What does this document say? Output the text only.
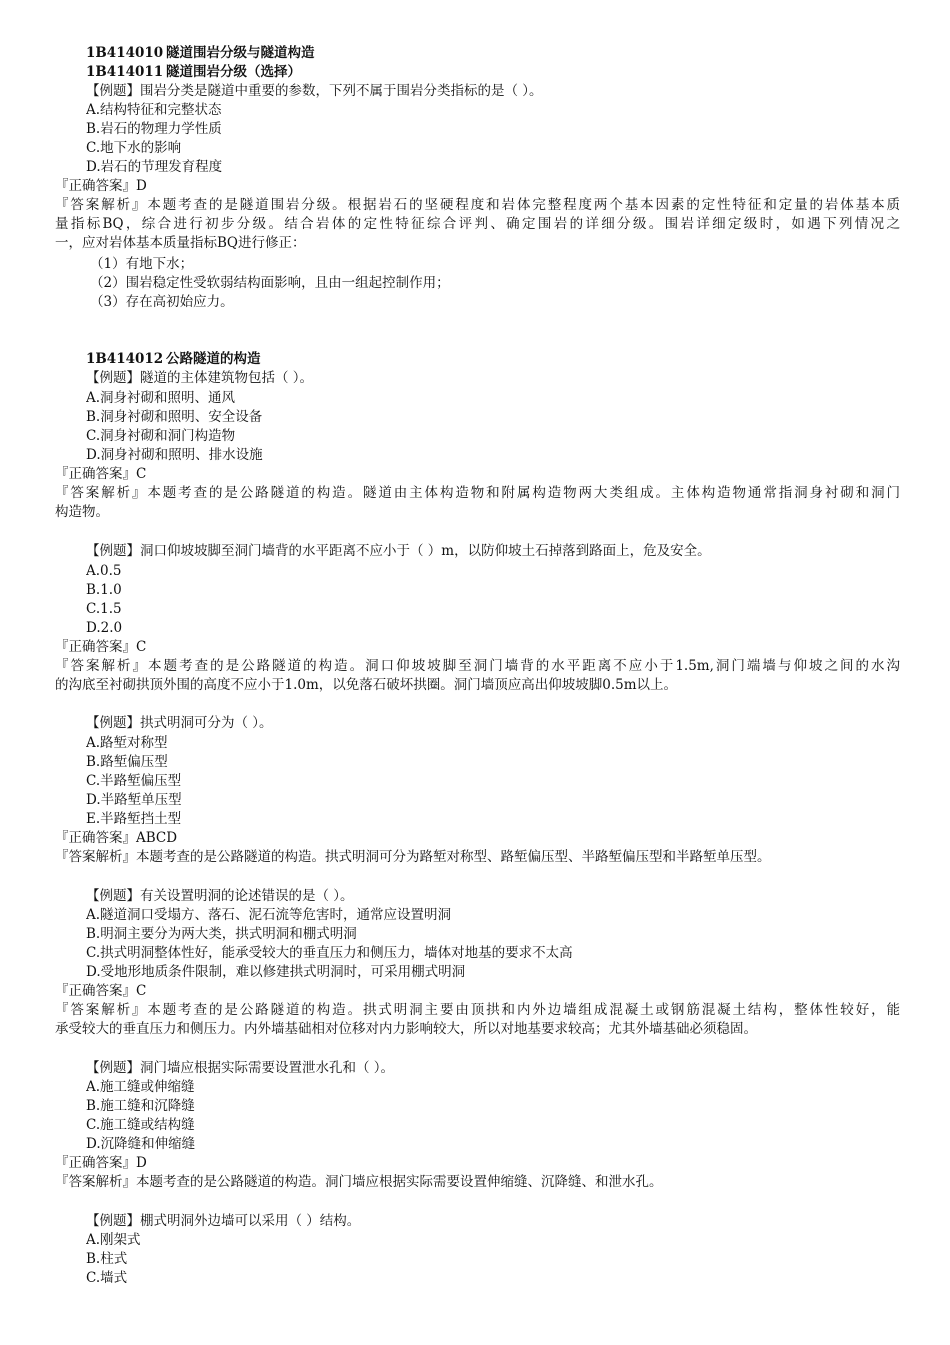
1B414010 隧道围岩分级与隧道构造
1B414011 隧道围岩分级（选择）
【例题】围岩分类是隧道中重要的参数，下列不属于围岩分类指标的是（ ）。
A.结构特征和完整状态
B.岩石的物理力学性质
C.地下水的影响
D.岩石的节理发育程度
『正确答案』D
『答案解析』本题考查的是隧道围岩分级。根据岩石的坚硬程度和岩体完整程度两个基本因素的定性特征和定量的岩体基本质
量指标BQ，综合进行初步分级。结合岩体的定性特征综合评判、确定围岩的详细分级。围岩详细定级时，如遇下列情况之
一，应对岩体基本质量指标BQ进行修正：
（1）有地下水；
（2）围岩稳定性受软弱结构面影响，且由一组起控制作用；
（3）存在高初始应力。
1B414012 公路隧道的构造
【例题】隧道的主体建筑物包括（ ）。
A.洞身衬砌和照明、通风
B.洞身衬砌和照明、安全设备
C.洞身衬砌和洞门构造物
D.洞身衬砌和照明、排水设施
『正确答案』C
『答案解析』本题考查的是公路隧道的构造。隧道由主体构造物和附属构造物两大类组成。主体构造物通常指洞身衬砌和洞门
构造物。
【例题】洞口仰坡坡脚至洞门墙背的水平距离不应小于（ ）m，以防仰坡土石掉落到路面上，危及安全。
A.0.5
B.1.0
C.1.5
D.2.0
『正确答案』C
『答案解析』本题考查的是公路隧道的构造。洞口仰坡坡脚至洞门墙背的水平距离不应小于1.5m,洞门端墙与仰坡之间的水沟
的沟底至衬砌拱顶外围的高度不应小于1.0m，以免落石破坏拱圈。洞门墙顶应高出仰坡坡脚0.5m以上。
【例题】拱式明洞可分为（ ）。
A.路堑对称型
B.路堑偏压型
C.半路堑偏压型
D.半路堑单压型
E.半路堑挡土型
『正确答案』ABCD
『答案解析』本题考查的是公路隧道的构造。拱式明洞可分为路堑对称型、路堑偏压型、半路堑偏压型和半路堑单压型。
【例题】有关设置明洞的论述错误的是（ ）。
A.隧道洞口受塌方、落石、泥石流等危害时，通常应设置明洞
B.明洞主要分为两大类，拱式明洞和棚式明洞
C.拱式明洞整体性好，能承受较大的垂直压力和侧压力，墙体对地基的要求不太高
D.受地形地质条件限制，难以修建拱式明洞时，可采用棚式明洞
『正确答案』C
『答案解析』本题考查的是公路隧道的构造。拱式明洞主要由顶拱和内外边墙组成混凝土或钢筋混凝土结构，整体性较好，能
承受较大的垂直压力和侧压力。内外墙基础相对位移对内力影响较大，所以对地基要求较高；尤其外墙基础必须稳固。
【例题】洞门墙应根据实际需要设置泄水孔和（ ）。
A.施工缝或伸缩缝
B.施工缝和沉降缝
C.施工缝或结构缝
D.沉降缝和伸缩缝
『正确答案』D
『答案解析』本题考查的是公路隧道的构造。洞门墙应根据实际需要设置伸缩缝、沉降缝、和泄水孔。
【例题】棚式明洞外边墙可以采用（ ）结构。
A.刚架式
B.柱式
C.墙式
